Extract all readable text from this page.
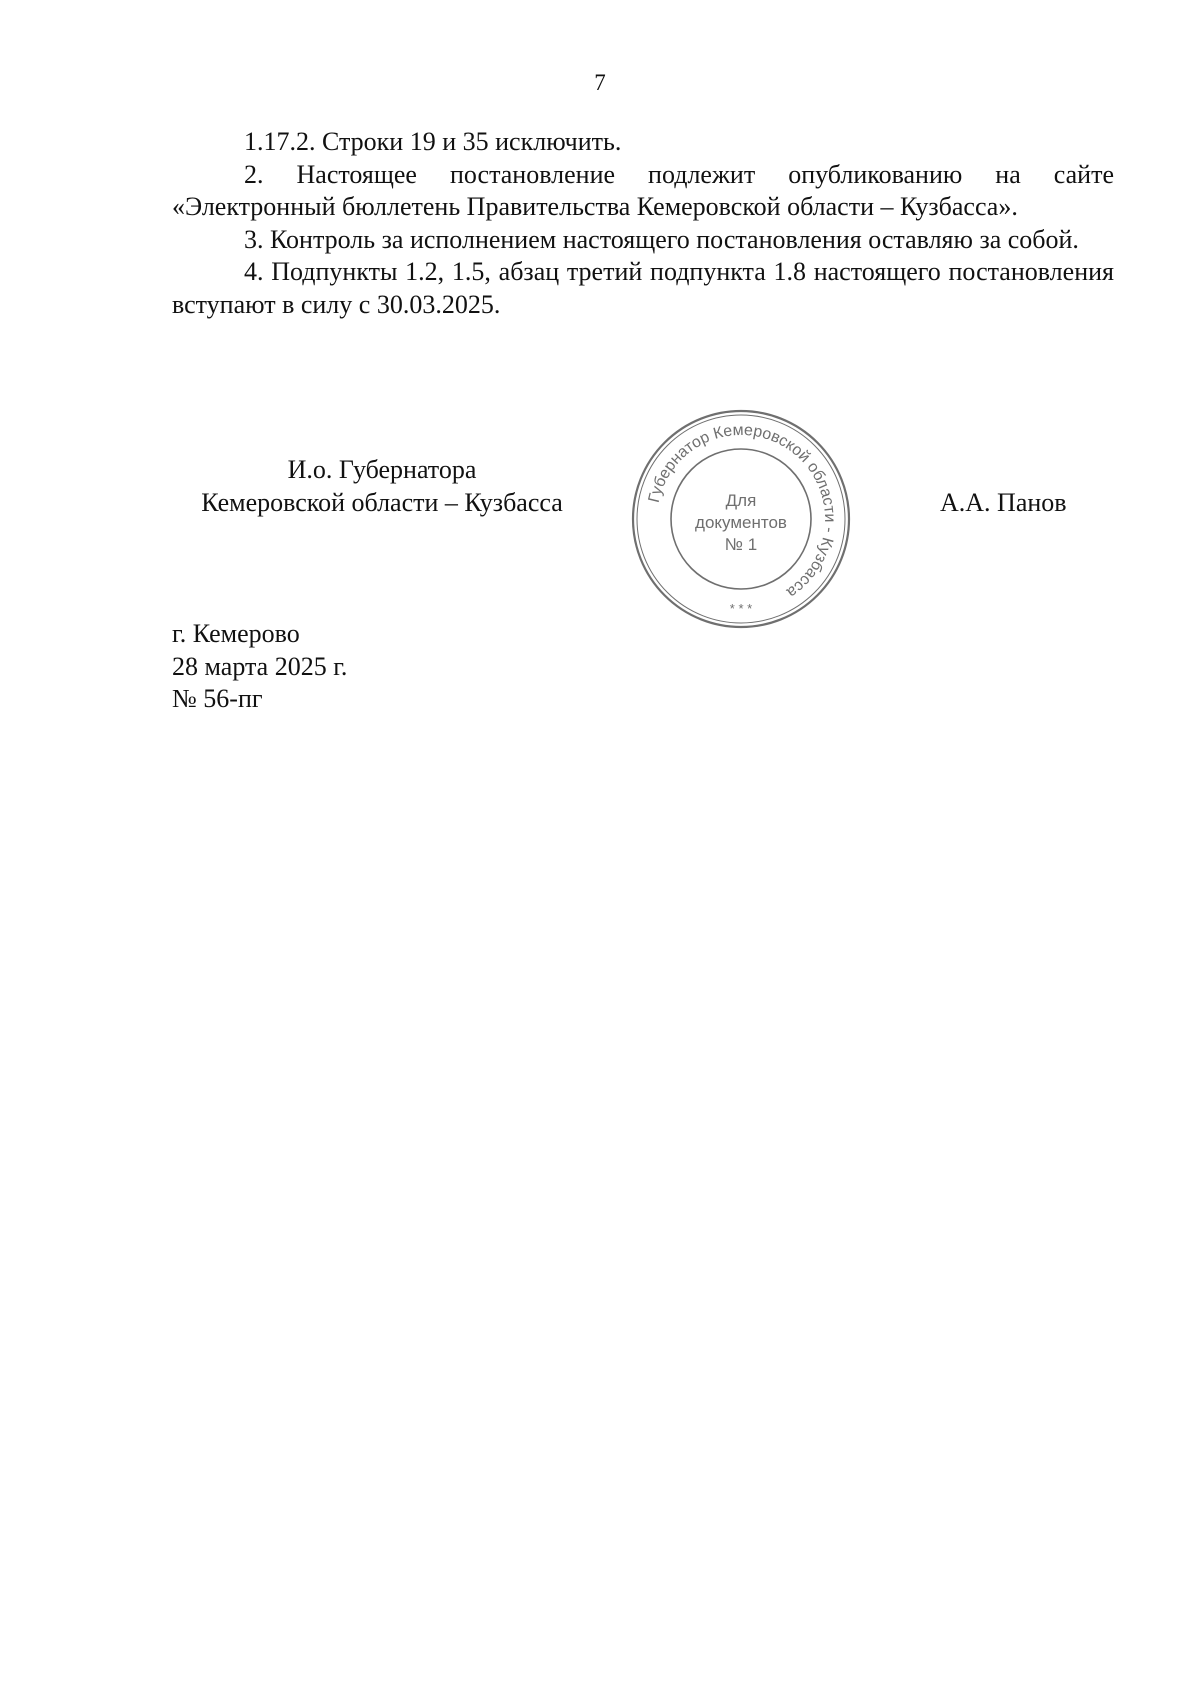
7

1.17.2. Строки 19 и 35 исключить.

2. Настоящее постановление подлежит опубликованию на сайте «Электронный бюллетень Правительства Кемеровской области – Кузбасса».

3. Контроль за исполнением настоящего постановления оставляю за собой.

4. Подпункты 1.2, 1.5, абзац третий подпункта 1.8 настоящего постановления вступают в силу с 30.03.2025.

И.о. Губернатора
Кемеровской области – Кузбасса	А.А. Панов
Губернатор Кемеровской области - Кузбасса
Для
документов
№ 1
* * *
г. Кемерово
28 марта 2025 г.
№ 56-пг
